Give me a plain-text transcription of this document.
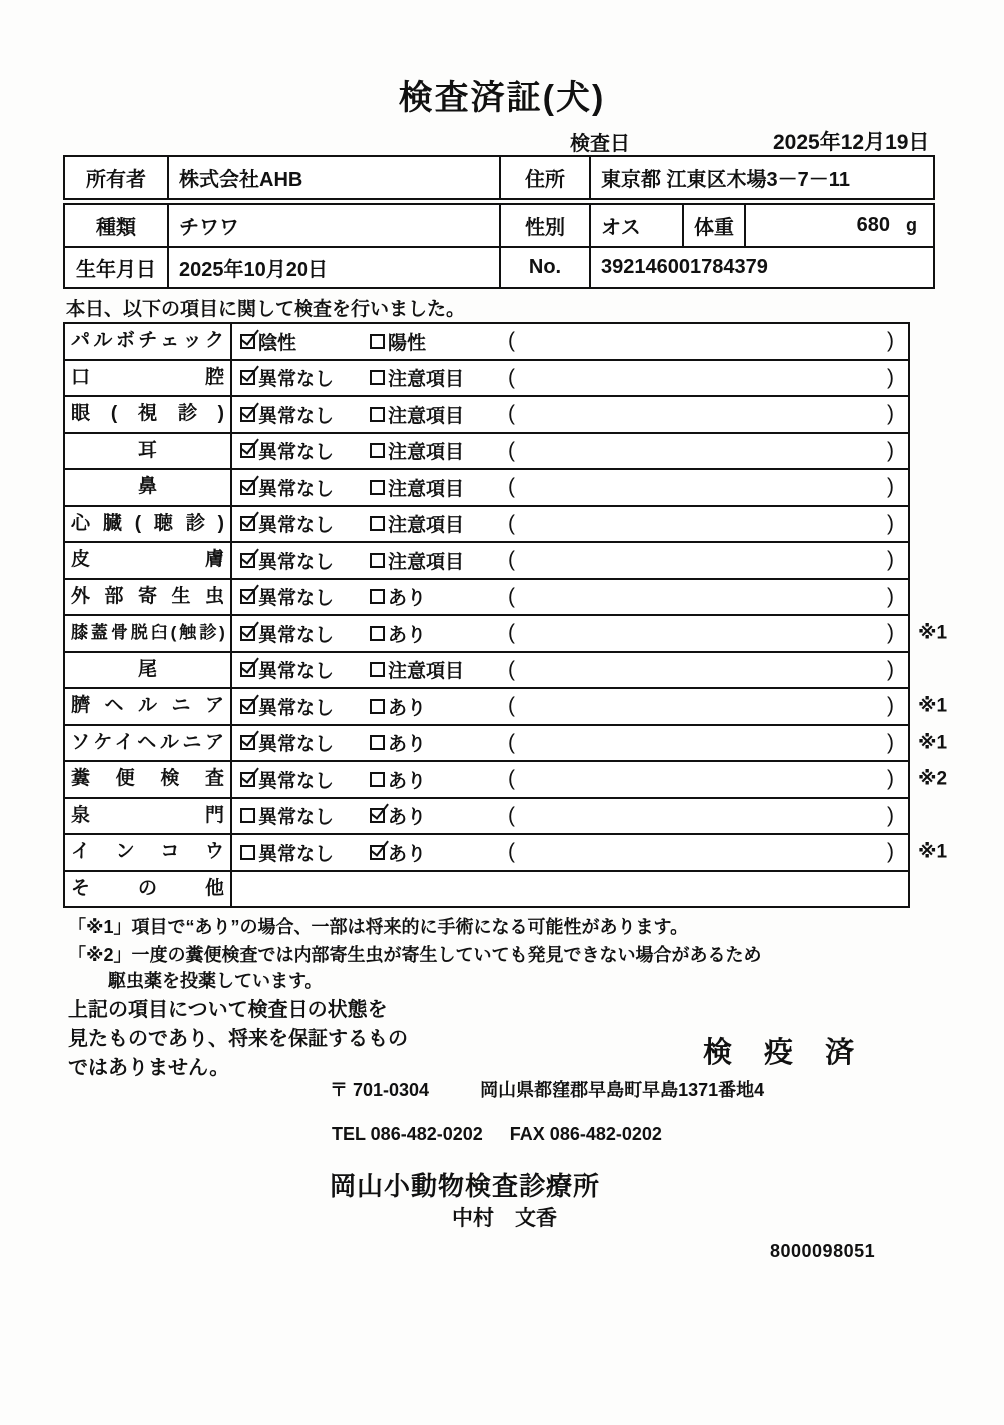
検査済証(犬)
検査日	2025年12月19日
所有者	株式会社AHB	住所	東京都 江東区木場3－7－11
種類	チワワ	性別	オス	体重	680 g
生年月日	2025年10月20日	No.	392146001784379
本日、以下の項目に関して検査を行いました。
パルボチェック	陰性	陽性	(	)
口腔	異常なし	注意項目 (	)
眼(視診)	異常なし	注意項目 (	)
耳	異常なし	注意項目 (	)
鼻	異常なし	注意項目 (	)
心臓(聴診)	異常なし	注意項目 (	)
皮膚	異常なし	注意項目 (	)
外部寄生虫	異常なし	あり	(	)
膝蓋骨脱臼(触診)	異常なし	あり	(	) ※1
尾	異常なし	注意項目 (	)
臍ヘルニア	異常なし	あり	(	) ※1
ソケイヘルニア	異常なし	あり	(	) ※1
糞便検査	異常なし	あり	(	) ※2
泉門	異常なし	あり	(	)
インコウ	異常なし	あり	(	) ※1
その他
「※1」項目で“あり”の場合、一部は将来的に手術になる可能性があります。
「※2」一度の糞便検査では内部寄生虫が寄生していても発見できない場合があるため
駆虫薬を投薬しています。
上記の項目について検査日の状態を
見たものであり、将来を保証するもの
ではありません。	検 疫 済
〒 701-0304	岡山県都窪郡早島町早島1371番地4
TEL 086-482-0202 FAX 086-482-0202
岡山小動物検査診療所
中村　文香
8000098051
